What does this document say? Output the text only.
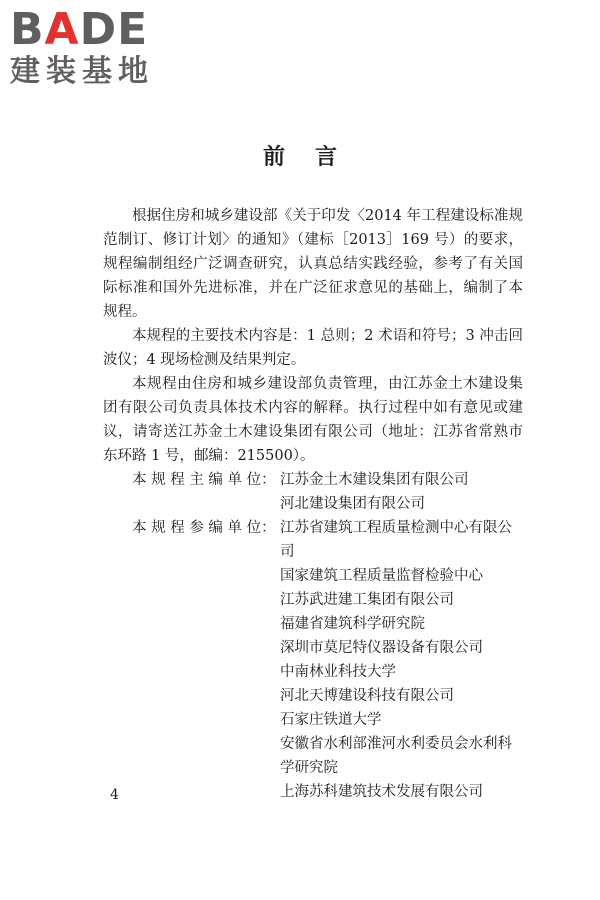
BADE
建装基地
前言

根据住房和城乡建设部《关于印发〈2014 年工程建设标准规范制订、修订计划〉的通知》（建标［2013］169 号）的要求，规程编制组经广泛调查研究，认真总结实践经验，参考了有关国际标准和国外先进标准，并在广泛征求意见的基础上，编制了本规程。

本规程的主要技术内容是：1 总则；2 术语和符号；3 冲击回波仪；4 现场检测及结果判定。

本规程由住房和城乡建设部负责管理，由江苏金土木建设集团有限公司负责具体技术内容的解释。执行过程中如有意见或建议，请寄送江苏金土木建设集团有限公司（地址：江苏省常熟市东环路 1 号，邮编：215500）。

本 规 程 主 编 单 位： 江苏金土木建设集团有限公司
河北建设集团有限公司
本 规 程 参 编 单 位： 江苏省建筑工程质量检测中心有限公司
国家建筑工程质量监督检验中心
江苏武进建工集团有限公司
福建省建筑科学研究院
深圳市莫尼特仪器设备有限公司
中南林业科技大学
河北天博建设科技有限公司
石家庄铁道大学
安徽省水利部淮河水利委员会水利科学研究院
上海苏科建筑技术发展有限公司
4
